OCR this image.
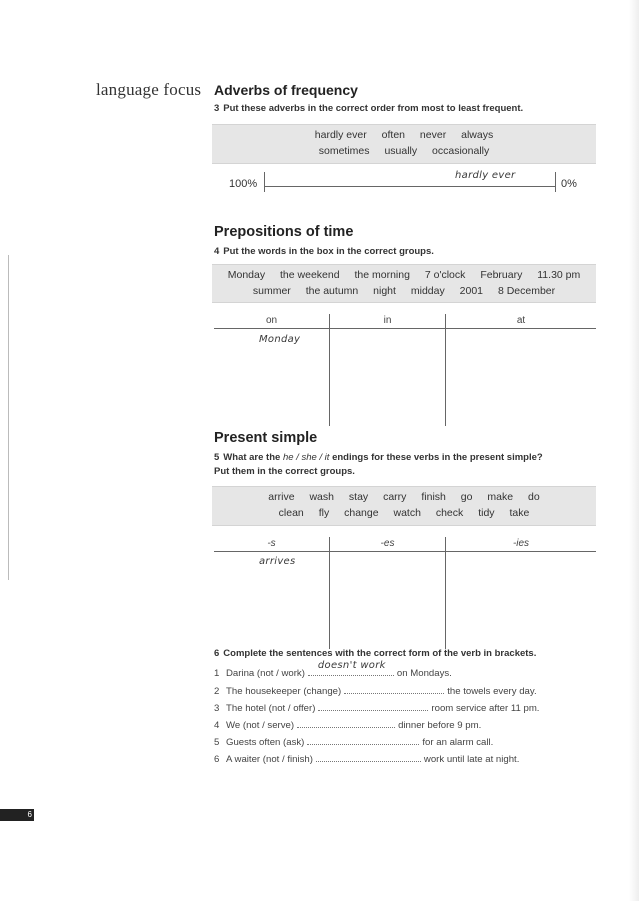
language focus Adverbs of frequency
3 Put these adverbs in the correct order from most to least frequent.
hardly ever often never always
sometimes usually occasionally
100%	0%
hardly ever
Prepositions of time
4 Put the words in the box in the correct groups.
Monday the weekend the morning 7 o'clock February 11.30 pm
summer the autumn night midday 2001 8 December
on	in	at
Monday
Present simple
5 What are the he / she / it endings for these verbs in the present simple?
Put them in the correct groups.
arrive wash stay carry finish go make do
clean fly change watch check tidy take
-s	-es	-ies
arrives
6 Complete the sentences with the correct form of the verb in brackets.
1 Darina (not / work)
doesn't work
on Mondays.
2 The housekeeper (change)	the towels every day.
3 The hotel (not / offer)	room service after 11 pm.
4 We (not / serve)	dinner before 9 pm.
5 Guests often (ask)	for an alarm call.
6 A waiter (not / finish)	work until late at night.
6
